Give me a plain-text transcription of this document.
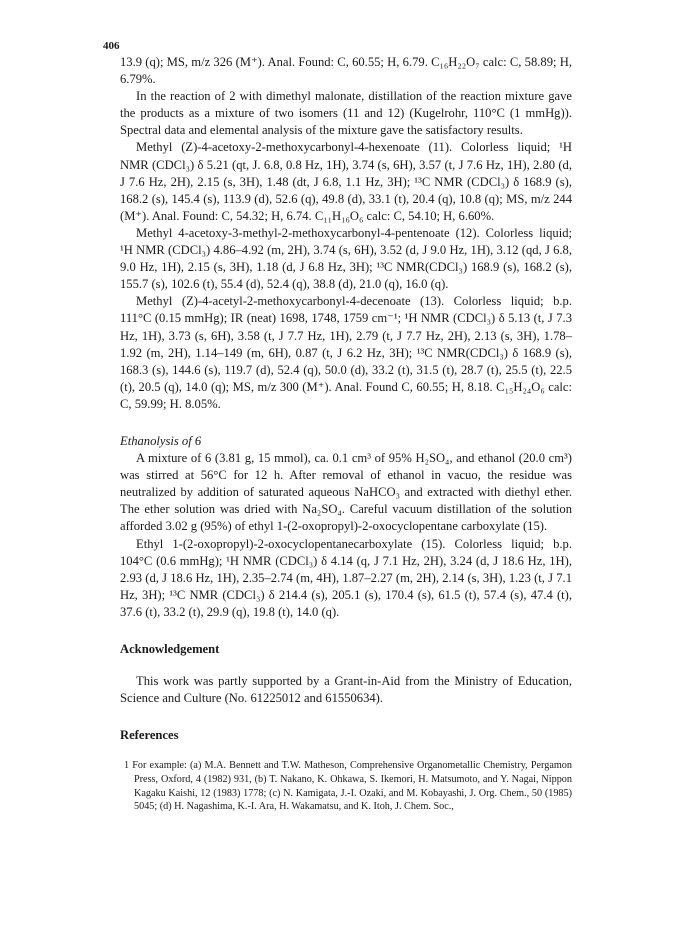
406

13.9 (q); MS, m/z 326 (M⁺). Anal. Found: C, 60.55; H, 6.79. C₁₆H₂₂O₇ calc: C, 58.89; H, 6.79%.

In the reaction of 2 with dimethyl malonate, distillation of the reaction mixture gave the products as a mixture of two isomers (11 and 12) (Kugelrohr, 110°C (1 mmHg)). Spectral data and elemental analysis of the mixture gave the satisfactory results.

Methyl (Z)-4-acetoxy-2-methoxycarbonyl-4-hexenoate (11). Colorless liquid; ¹H NMR (CDCl₃) δ 5.21 (qt, J. 6.8, 0.8 Hz, 1H), 3.74 (s, 6H), 3.57 (t, J 7.6 Hz, 1H), 2.80 (d, J 7.6 Hz, 2H), 2.15 (s, 3H), 1.48 (dt, J 6.8, 1.1 Hz, 3H); ¹³C NMR (CDCl₃) δ 168.9 (s), 168.2 (s), 145.4 (s), 113.9 (d), 52.6 (q), 49.8 (d), 33.1 (t), 20.4 (q), 10.8 (q); MS, m/z 244 (M⁺). Anal. Found: C, 54.32; H, 6.74. C₁₁H₁₆O₆ calc: C, 54.10; H, 6.60%.

Methyl 4-acetoxy-3-methyl-2-methoxycarbonyl-4-pentenoate (12). Colorless liquid; ¹H NMR (CDCl₃) 4.86–4.92 (m, 2H), 3.74 (s, 6H), 3.52 (d, J 9.0 Hz, 1H), 3.12 (qd, J 6.8, 9.0 Hz, 1H), 2.15 (s, 3H), 1.18 (d, J 6.8 Hz, 3H); ¹³C NMR(CDCl₃) 168.9 (s), 168.2 (s), 155.7 (s), 102.6 (t), 55.4 (d), 52.4 (q), 38.8 (d), 21.0 (q), 16.0 (q).

Methyl (Z)-4-acetyl-2-methoxycarbonyl-4-decenoate (13). Colorless liquid; b.p. 111°C (0.15 mmHg); IR (neat) 1698, 1748, 1759 cm⁻¹; ¹H NMR (CDCl₃) δ 5.13 (t, J 7.3 Hz, 1H), 3.73 (s, 6H), 3.58 (t, J 7.7 Hz, 1H), 2.79 (t, J 7.7 Hz, 2H), 2.13 (s, 3H), 1.78–1.92 (m, 2H), 1.14–149 (m, 6H), 0.87 (t, J 6.2 Hz, 3H); ¹³C NMR(CDCl₃) δ 168.9 (s), 168.3 (s), 144.6 (s), 119.7 (d), 52.4 (q), 50.0 (d), 33.2 (t), 31.5 (t), 28.7 (t), 25.5 (t), 22.5 (t), 20.5 (q), 14.0 (q); MS, m/z 300 (M⁺). Anal. Found C, 60.55; H, 8.18. C₁₅H₂₄O₆ calc: C, 59.99; H. 8.05%.

Ethanolysis of 6

A mixture of 6 (3.81 g, 15 mmol), ca. 0.1 cm³ of 95% H₂SO₄, and ethanol (20.0 cm³) was stirred at 56°C for 12 h. After removal of ethanol in vacuo, the residue was neutralized by addition of saturated aqueous NaHCO₃ and extracted with diethyl ether. The ether solution was dried with Na₂SO₄. Careful vacuum distillation of the solution afforded 3.02 g (95%) of ethyl 1-(2-oxopropyl)-2-oxocyclopentane carboxylate (15).

Ethyl 1-(2-oxopropyl)-2-oxocyclopentanecarboxylate (15). Colorless liquid; b.p. 104°C (0.6 mmHg); ¹H NMR (CDCl₃) δ 4.14 (q, J 7.1 Hz, 2H), 3.24 (d, J 18.6 Hz, 1H), 2.93 (d, J 18.6 Hz, 1H), 2.35–2.74 (m, 4H), 1.87–2.27 (m, 2H), 2.14 (s, 3H), 1.23 (t, J 7.1 Hz, 3H); ¹³C NMR (CDCl₃) δ 214.4 (s), 205.1 (s), 170.4 (s), 61.5 (t), 57.4 (s), 47.4 (t), 37.6 (t), 33.2 (t), 29.9 (q), 19.8 (t), 14.0 (q).

Acknowledgement

This work was partly supported by a Grant-in-Aid from the Ministry of Education, Science and Culture (No. 61225012 and 61550634).

References

1 For example: (a) M.A. Bennett and T.W. Matheson, Comprehensive Organometallic Chemistry, Pergamon Press, Oxford, 4 (1982) 931, (b) T. Nakano, K. Ohkawa, S. Ikemori, H. Matsumoto, and Y. Nagai, Nippon Kagaku Kaishi, 12 (1983) 1778; (c) N. Kamigata, J.-I. Ozaki, and M. Kobayashi, J. Org. Chem., 50 (1985) 5045; (d) H. Nagashima, K.-I. Ara, H. Wakamatsu, and K. Itoh, J. Chem. Soc.,
